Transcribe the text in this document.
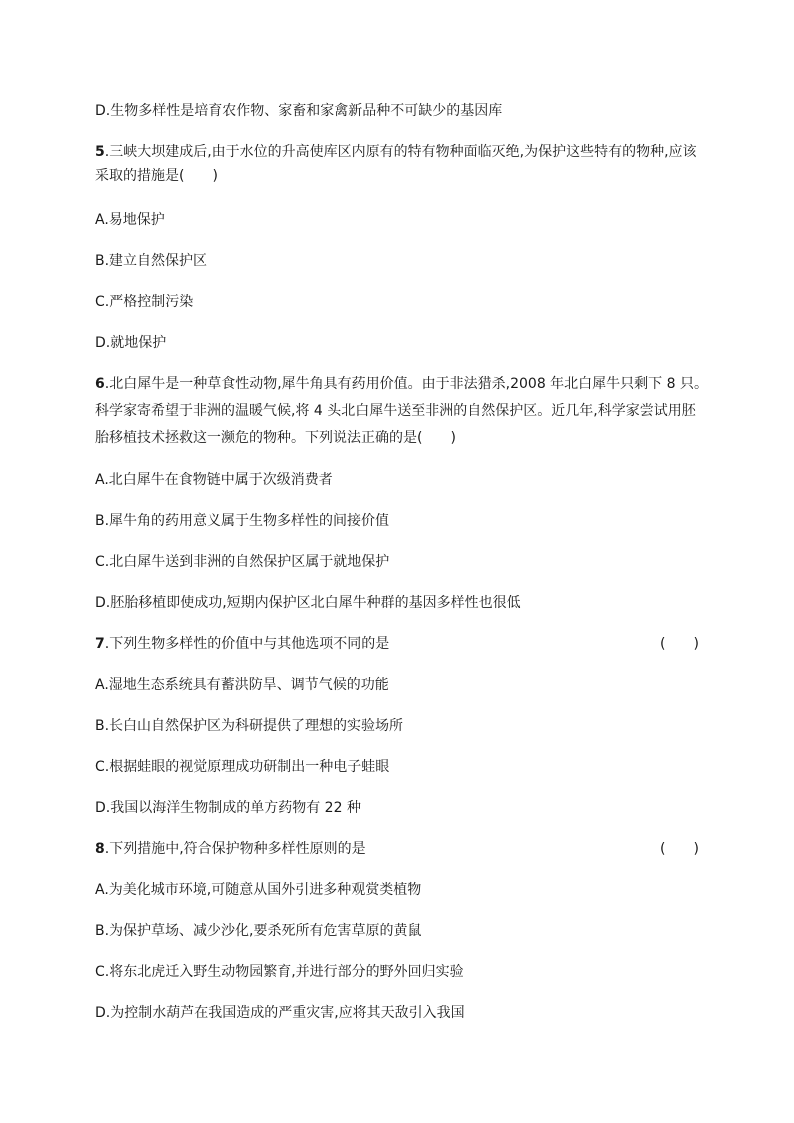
D.生物多样性是培育农作物、家畜和家禽新品种不可缺少的基因库
5.三峡大坝建成后,由于水位的升高使库区内原有的特有物种面临灭绝,为保护这些特有的物种,应该
采取的措施是(　　)
A.易地保护
B.建立自然保护区
C.严格控制污染
D.就地保护
6.北白犀牛是一种草食性动物,犀牛角具有药用价值。由于非法猎杀,2008 年北白犀牛只剩下 8 只。
科学家寄希望于非洲的温暖气候,将 4 头北白犀牛送至非洲的自然保护区。近几年,科学家尝试用胚
胎移植技术拯救这一濒危的物种。下列说法正确的是(　　)
A.北白犀牛在食物链中属于次级消费者
B.犀牛角的药用意义属于生物多样性的间接价值
C.北白犀牛送到非洲的自然保护区属于就地保护
D.胚胎移植即使成功,短期内保护区北白犀牛种群的基因多样性也很低
7.下列生物多样性的价值中与其他选项不同的是	(　　)
A.湿地生态系统具有蓄洪防旱、调节气候的功能
B.长白山自然保护区为科研提供了理想的实验场所
C.根据蛙眼的视觉原理成功研制出一种电子蛙眼
D.我国以海洋生物制成的单方药物有 22 种
8.下列措施中,符合保护物种多样性原则的是	(　　)
A.为美化城市环境,可随意从国外引进多种观赏类植物
B.为保护草场、减少沙化,要杀死所有危害草原的黄鼠
C.将东北虎迁入野生动物园繁育,并进行部分的野外回归实验
D.为控制水葫芦在我国造成的严重灾害,应将其天敌引入我国
